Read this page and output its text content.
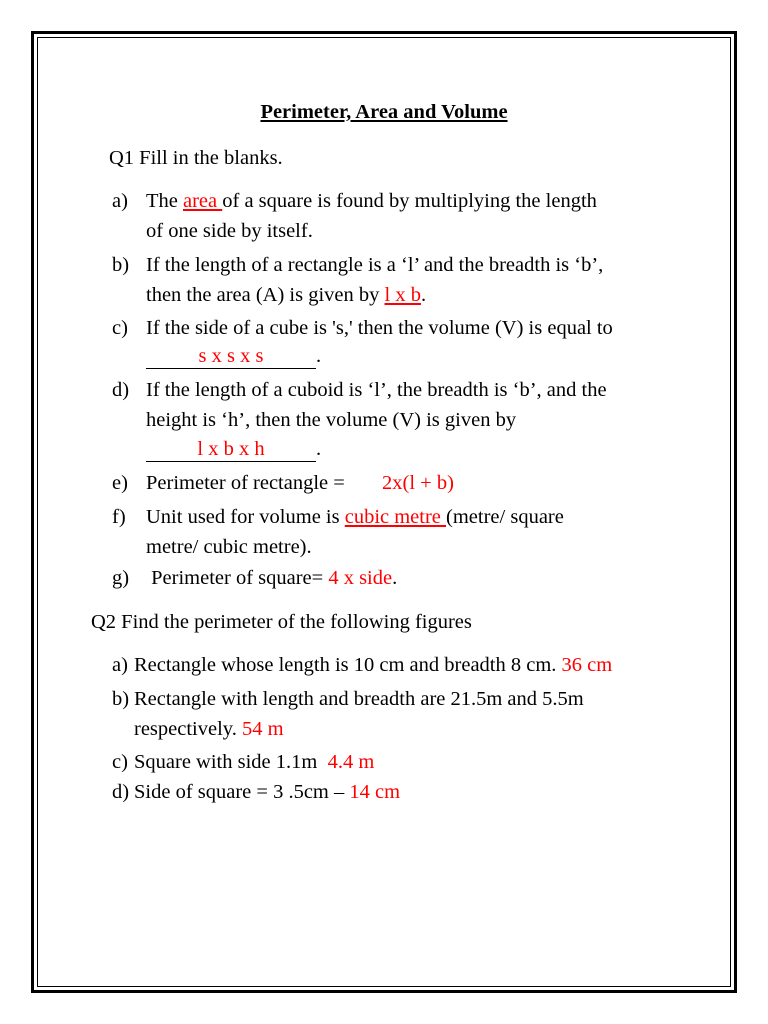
Perimeter, Area and Volume
Q1 Fill in the blanks.
a) The area of a square is found by multiplying the length
of one side by itself.
b) If the length of a rectangle is a ‘l’ and the breadth is ‘b’,
then the area (A) is given by l x b.
c) If the side of a cube is 's,' then the volume (V) is equal to
s x s x s	.
d) If the length of a cuboid is ‘l’, the breadth is ‘b’, and the
height is ‘h’, then the volume (V) is given by
l x b x h	.
e) Perimeter of rectangle = 2x(l + b)
f) Unit used for volume is cubic metre (metre/ square
metre/ cubic metre).
g) Perimeter of square= 4 x side.
Q2 Find the perimeter of the following figures
a) Rectangle whose length is 10 cm and breadth 8 cm. 36 cm
b) Rectangle with length and breadth are 21.5m and 5.5m
respectively. 54 m
c) Square with side 1.1m  4.4 m
d) Side of square = 3 .5cm – 14 cm
